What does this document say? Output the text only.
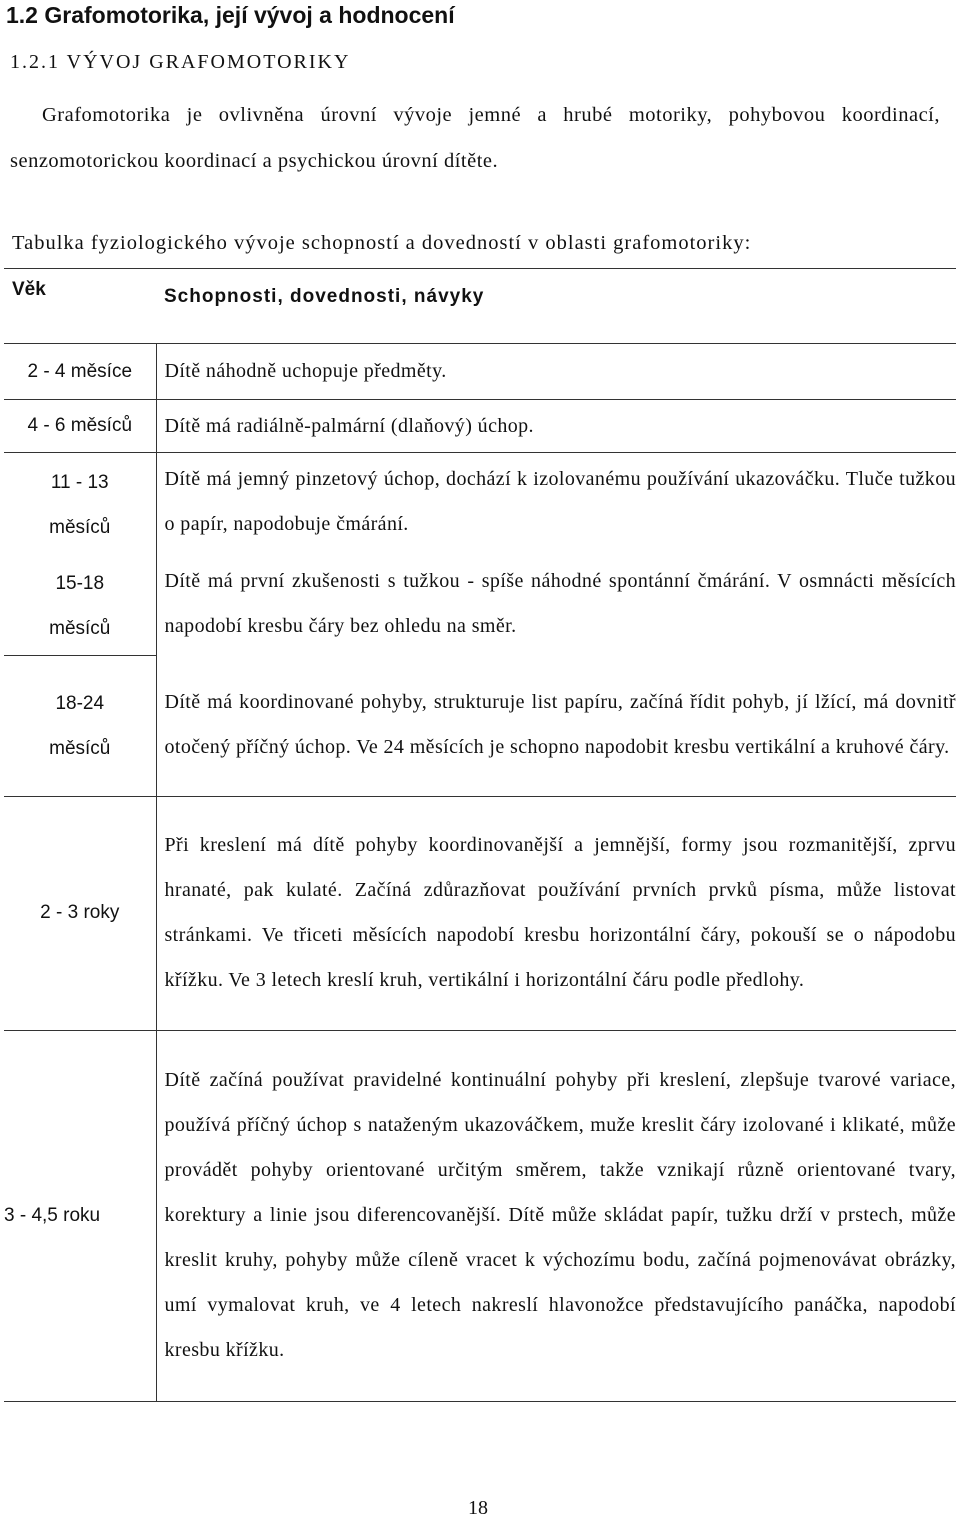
1.2 Grafomotorika, její vývoj a hodnocení
1.2.1 VÝVOJ GRAFOMOTORIKY
Grafomotorika je ovlivněna úrovní vývoje jemné a hrubé motoriky, pohybovou koordinací, senzomotorickou koordinací a psychickou úrovní dítěte.
Tabulka fyziologického vývoje schopností a dovedností v oblasti grafomotoriky:
Věk	Schopnosti, dovednosti, návyky
2 - 4 měsíce	Dítě náhodně uchopuje předměty.
4 - 6 měsíců	Dítě má radiálně-palmární (dlaňový) úchop.

11 - 13
měsíců	Dítě má jemný pinzetový úchop, dochází k izolovanému používání ukazováčku. Tluče tužkou o papír, napodobuje čmárání.

15-18
měsíců	Dítě má první zkušenosti s tužkou - spíše náhodné spontánní čmárání. V osmnácti měsících napodobí kresbu čáry bez ohledu na směr.

18-24
měsíců	Dítě má koordinované pohyby, strukturuje list papíru, začíná řídit pohyb, jí lžící, má dovnitř otočený příčný úchop. Ve 24 měsících je schopno napodobit kresbu vertikální a kruhové čáry.
2 - 3 roky	Při kreslení má dítě pohyby koordinovanější a jemnější, formy jsou rozmanitější, zprvu hranaté, pak kulaté. Začíná zdůrazňovat používání prvních prvků písma, může listovat stránkami. Ve třiceti měsících napodobí kresbu horizontální čáry, pokouší se o nápodobu křížku. Ve 3 letech kreslí kruh, vertikální i horizontální čáru podle předlohy.
3 - 4,5 roku	Dítě začíná používat pravidelné kontinuální pohyby při kreslení, zlepšuje tvarové variace, používá příčný úchop s nataženým ukazováčkem, muže kreslit čáry izolované i klikaté, může provádět pohyby orientované určitým směrem, takže vznikají různě orientované tvary, korektury a linie jsou diferencovanější. Dítě může skládat papír, tužku drží v prstech, může kreslit kruhy, pohyby může cíleně vracet k výchozímu bodu, začíná pojmenovávat obrázky, umí vymalovat kruh, ve 4 letech nakreslí hlavonožce představujícího panáčka, napodobí kresbu křížku.
18
